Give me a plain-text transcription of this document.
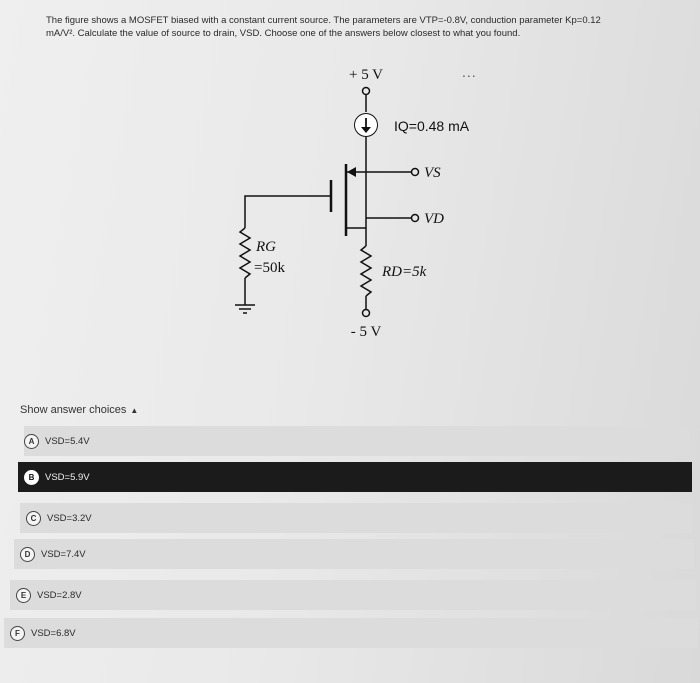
The figure shows a MOSFET biased with a constant current source. The parameters are VTP=-0.8V, conduction parameter Kp=0.12
mA/V². Calculate the value of source to drain, VSD. Choose one of the answers below closest to what you found.
...
+ 5 V
IQ=0.48 mA
VS
VD
RG
=50k
- 5 V
RD=5k
Show answer choices ▲
A	VSD=5.4V
B	VSD=5.9V
C	VSD=3.2V
D	VSD=7.4V
E	VSD=2.8V
F	VSD=6.8V
